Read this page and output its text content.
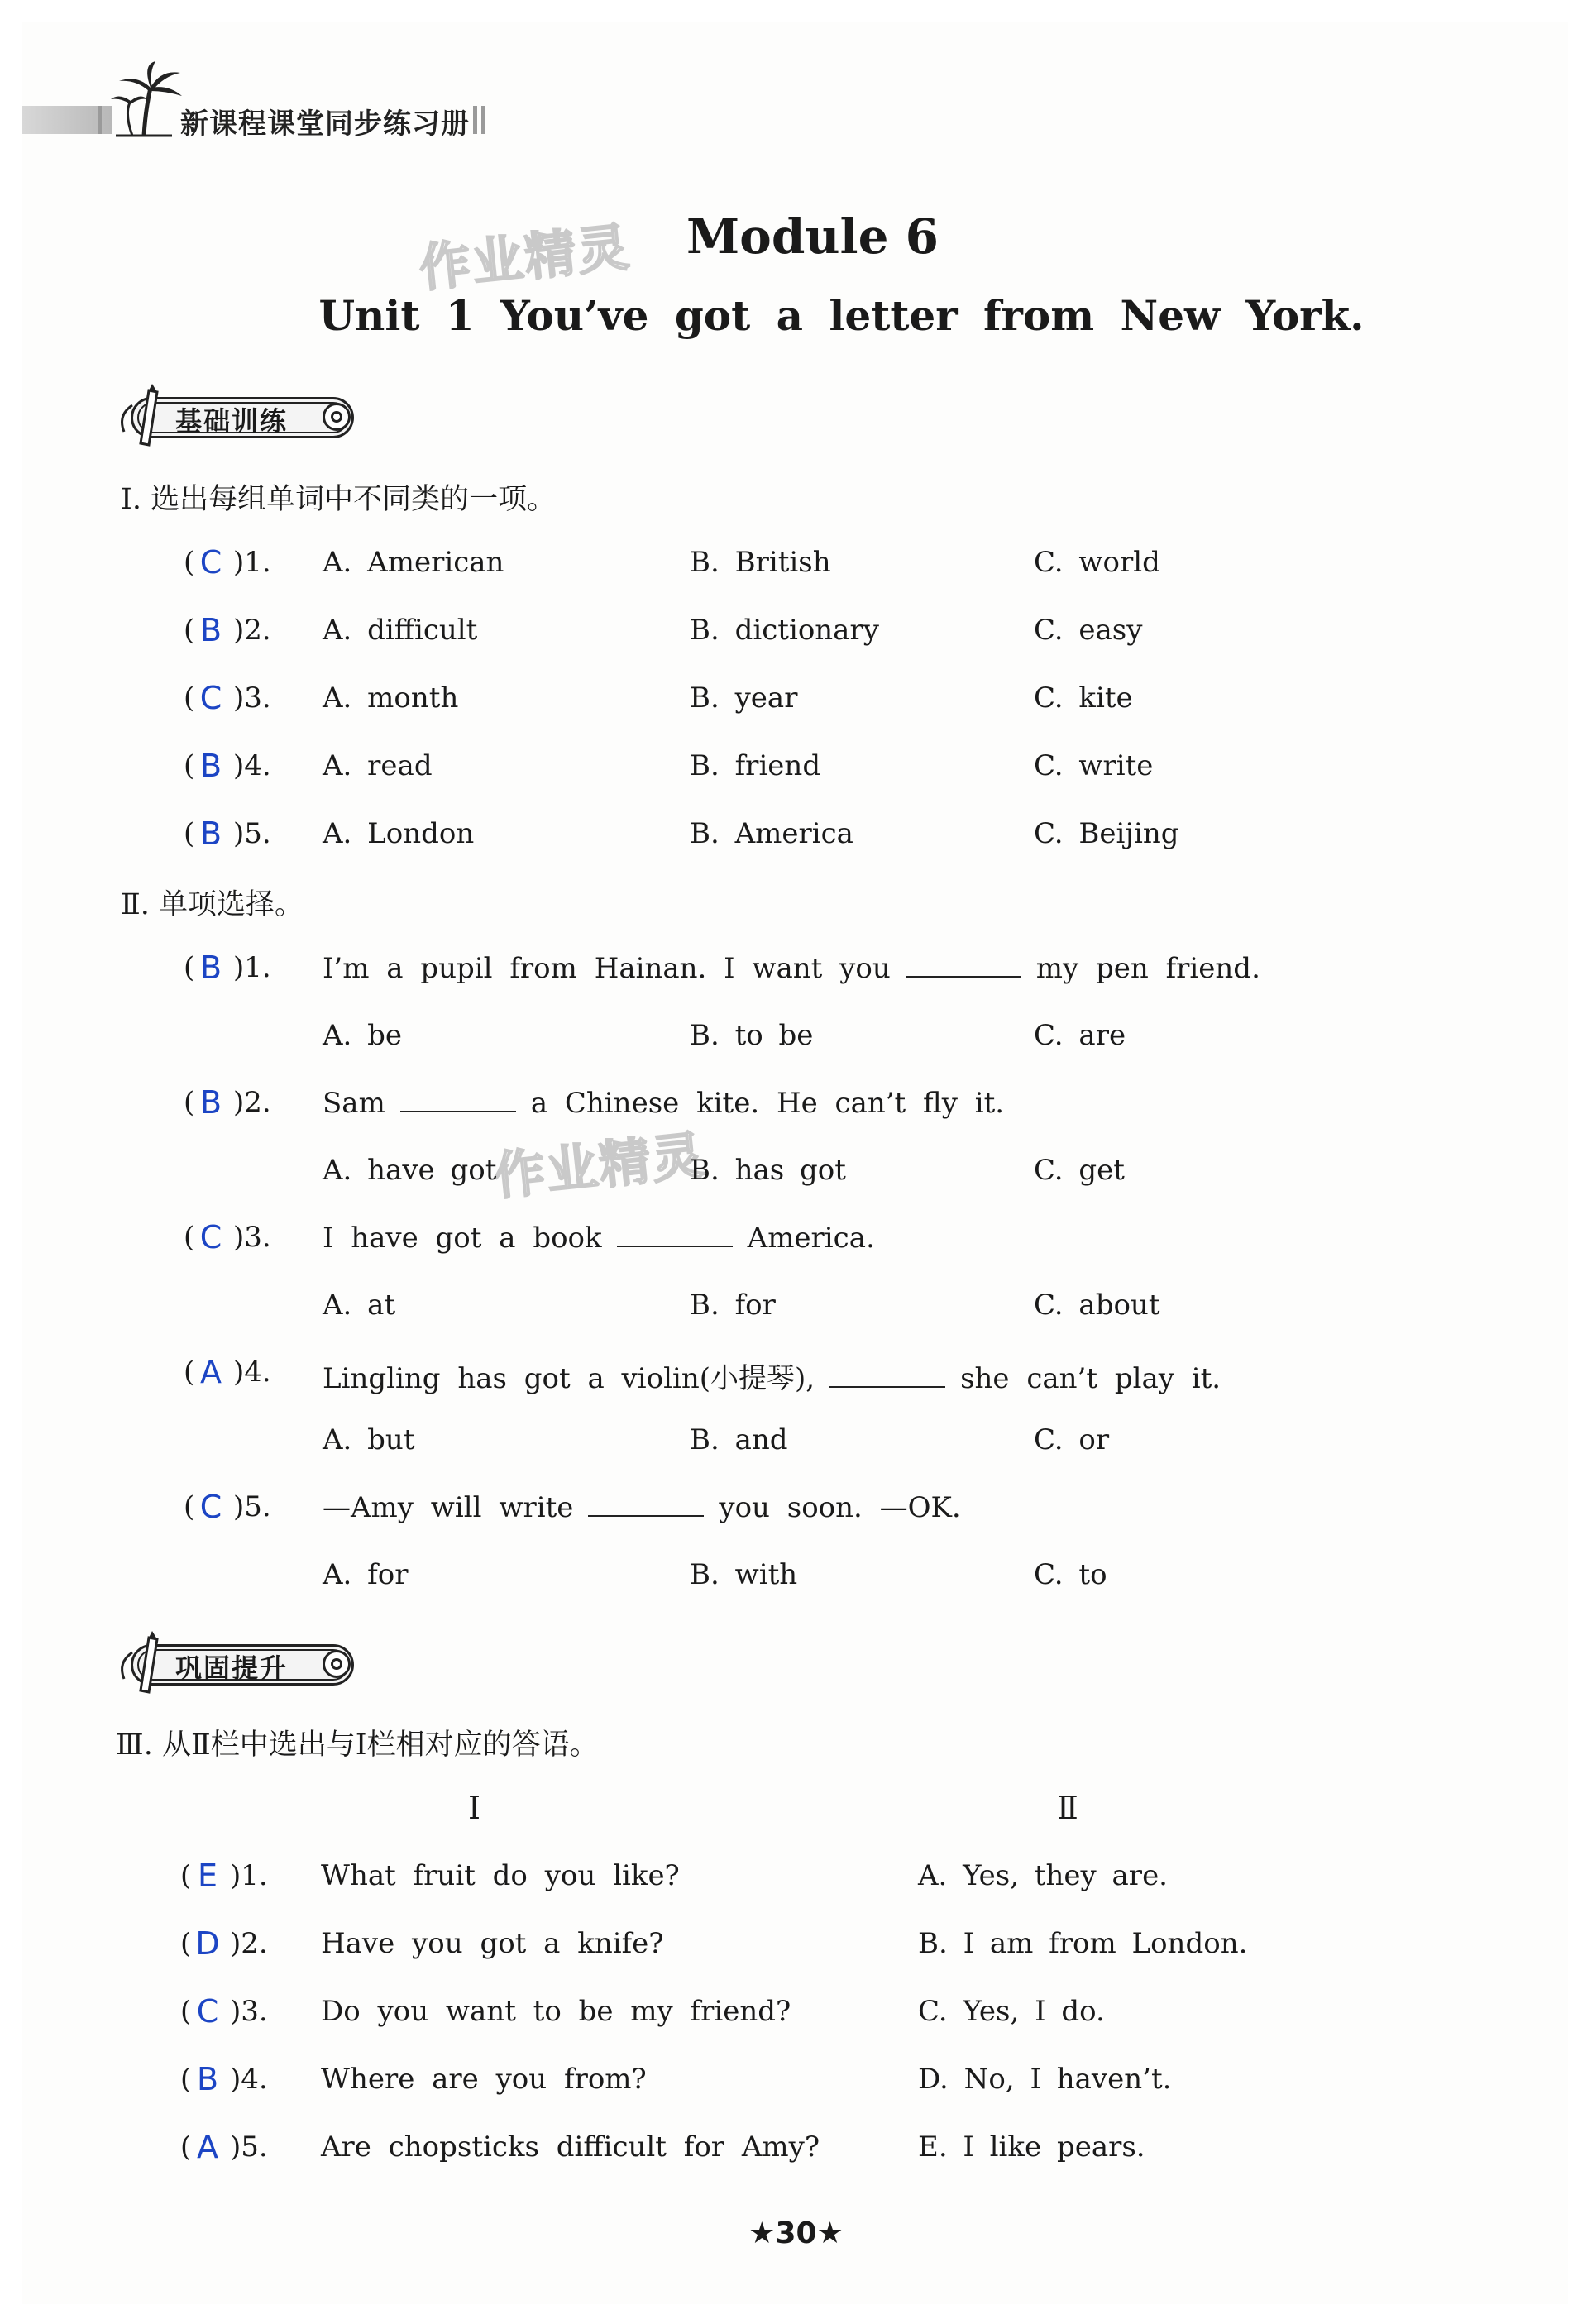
新课程课堂同步练习册
作业精灵
作业精灵
Module 6
Unit 1 You’ve got a letter from New York.
基础训练
Ⅰ. 选出每组单词中不同类的一项。
( C )1. A. American	B. British	C. world
( B )2. A. difficult	B. dictionary	C. easy
( C )3. A. month	B. year	C. kite
( B )4. A. read	B. friend	C. write
( B )5. A. London	B. America	C. Beijing
Ⅱ. 单项选择。
( B )1. I’m a pupil from Hainan. I want you	my pen friend.
A. be	B. to be	C. are
( B )2. Sam	a Chinese kite. He can’t fly it.
A. have got	B. has got	C. get
( C )3. I have got a book	America.
A. at	B. for	C. about
( A )4. Lingling has got a violin(小提琴),	she can’t play it.
A. but	B. and	C. or
( C )5. —Amy will write	you soon. —OK.
A. for	B. with	C. to
巩固提升
Ⅲ. 从Ⅱ栏中选出与Ⅰ栏相对应的答语。
Ⅰ	Ⅱ
( E )1. What fruit do you like?	A. Yes, they are.
( D )2. Have you got a knife?	B. I am from London.
( C )3. Do you want to be my friend?	C. Yes, I do.
( B )4. Where are you from?	D. No, I haven’t.
( A )5. Are chopsticks difficult for Amy?	E. I like pears.
★30★
